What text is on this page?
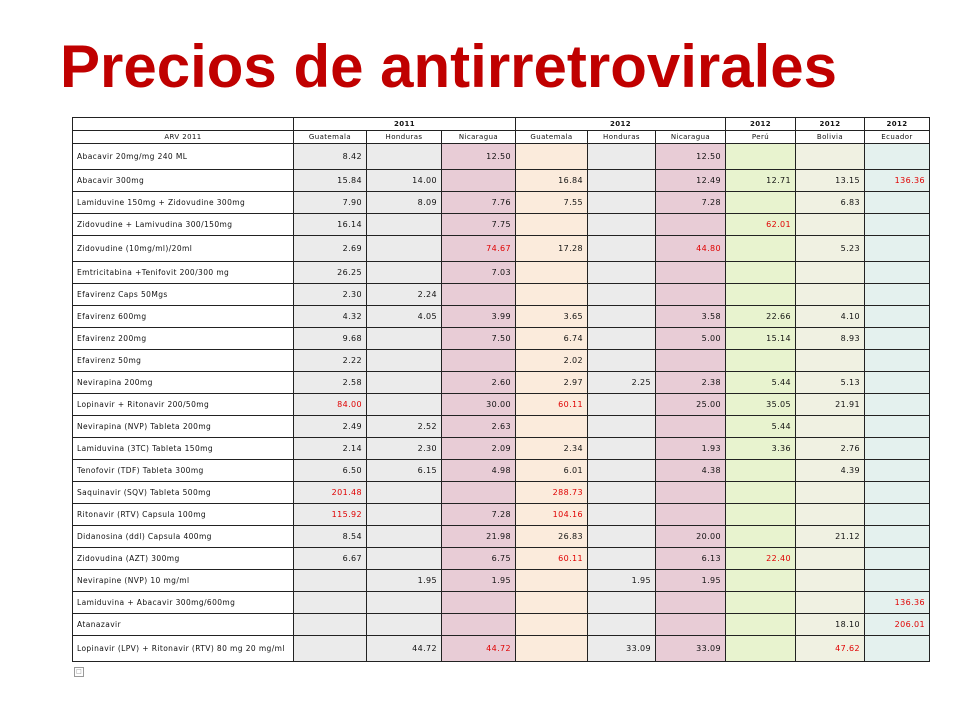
Precios de antirretrovirales
	2011			2012			2012	2012	2012
ARV 2011	Guatemala	Honduras	Nicaragua	Guatemala	Honduras	Nicaragua	Perú	Bolivia	Ecuador
Abacavir 20mg/mg 240 ML	8.42		12.50			12.50			
Abacavir 300mg	15.84	14.00		16.84		12.49	12.71	13.15	136.36
Lamiduvine 150mg + Zidovudine 300mg	7.90	8.09	7.76	7.55		7.28		6.83	
Zidovudine + Lamivudina 300/150mg	16.14		7.75				62.01		
Zidovudine (10mg/ml)/20ml	2.69		74.67	17.28		44.80		5.23	
Emtricitabina +Tenifovit 200/300 mg	26.25		7.03						
Efavirenz Caps 50Mgs	2.30	2.24							
Efavirenz 600mg	4.32	4.05	3.99	3.65		3.58	22.66	4.10	
Efavirenz 200mg	9.68		7.50	6.74		5.00	15.14	8.93	
Efavirenz 50mg	2.22			2.02					
Nevirapina 200mg	2.58		2.60	2.97	2.25	2.38	5.44	5.13	
Lopinavir + Ritonavir 200/50mg	84.00		30.00	60.11		25.00	35.05	21.91	
Nevirapina (NVP) Tableta 200mg	2.49	2.52	2.63				5.44		
Lamiduvina (3TC) Tableta 150mg	2.14	2.30	2.09	2.34		1.93	3.36	2.76	
Tenofovir (TDF) Tableta 300mg	6.50	6.15	4.98	6.01		4.38		4.39	
Saquinavir (SQV) Tableta 500mg	201.48			288.73					
Ritonavir (RTV) Capsula 100mg	115.92		7.28	104.16					
Didanosina (ddl) Capsula 400mg	8.54		21.98	26.83		20.00		21.12	
Zidovudina (AZT) 300mg	6.67		6.75	60.11		6.13	22.40		
Nevirapine (NVP) 10 mg/ml		1.95	1.95		1.95	1.95			
Lamiduvina + Abacavir 300mg/600mg									136.36
Atanazavir								18.10	206.01
Lopinavir (LPV) + Ritonavir (RTV) 80 mg 20 mg/ml		44.72	44.72		33.09	33.09		47.62	
□
